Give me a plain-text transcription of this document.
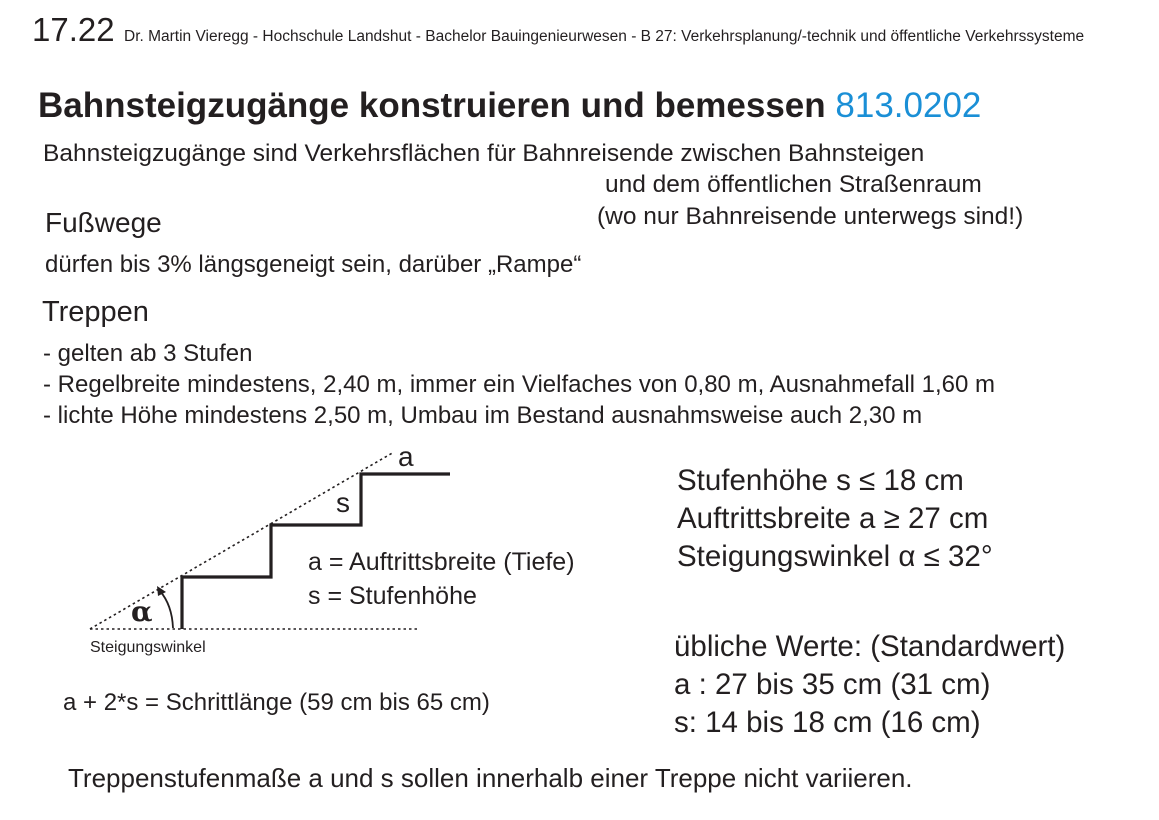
17.22 Dr. Martin Vieregg - Hochschule Landshut - Bachelor Bauingenieurwesen - B 27: Verkehrsplanung/-technik und öffentliche Verkehrssysteme
Bahnsteigzugänge konstruieren und bemessen 813.0202
Bahnsteigzugänge sind Verkehrsflächen für Bahnreisende zwischen Bahnsteigen
und dem öffentlichen Straßenraum
(wo nur Bahnreisende unterwegs sind!)
Fußwege
dürfen bis 3% längsgeneigt sein, darüber „Rampe“
Treppen
- gelten ab 3 Stufen
- Regelbreite mindestens, 2,40 m, immer ein Vielfaches von 0,80 m, Ausnahmefall 1,60 m
- lichte Höhe mindestens 2,50 m, Umbau im Bestand ausnahmsweise auch 2,30 m
a
s
α
Steigungswinkel
a = Auftrittsbreite (Tiefe)
s = Stufenhöhe
Stufenhöhe s ≤ 18 cm
Auftrittsbreite a ≥ 27 cm
Steigungswinkel α ≤ 32°
übliche Werte: (Standardwert)
a : 27 bis 35 cm (31 cm)
s: 14 bis 18 cm (16 cm)
a + 2*s = Schrittlänge (59 cm bis 65 cm)
Treppenstufenmaße a und s sollen innerhalb einer Treppe nicht variieren.
